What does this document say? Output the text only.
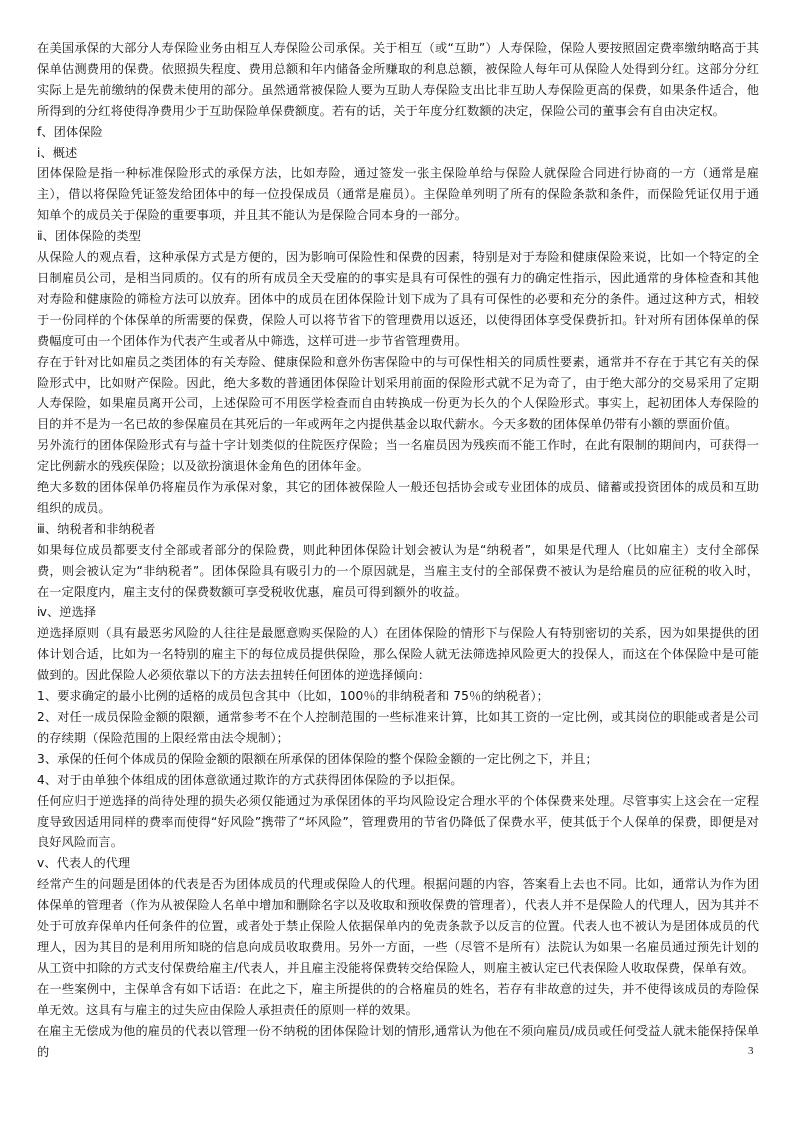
在美国承保的大部分人寿保险业务由相互人寿保险公司承保。关于相互（或“互助”）人寿保险，保险人要按照固定费率缴纳略高于其保单估测费用的保费。依照损失程度、费用总额和年内储备金所赚取的利息总额，被保险人每年可从保险人处得到分红。这部分分红实际上是先前缴纳的保费未使用的部分。虽然通常被保险人要为互助人寿保险支出比非互助人寿保险更高的保费，如果条件适合，他所得到的分红将使得净费用少于互助保险单保费额度。若有的话，关于年度分红数额的决定，保险公司的董事会有自由决定权。

f、团体保险

ⅰ、概述

团体保险是指一种标准保险形式的承保方法，比如寿险，通过签发一张主保险单给与保险人就保险合同进行协商的一方（通常是雇主），借以将保险凭证签发给团体中的每一位投保成员（通常是雇员）。主保险单列明了所有的保险条款和条件，而保险凭证仅用于通知单个的成员关于保险的重要事项，并且其不能认为是保险合同本身的一部分。

ⅱ、团体保险的类型

从保险人的观点看，这种承保方式是方便的，因为影响可保险性和保费的因素，特别是对于寿险和健康保险来说，比如一个特定的全日制雇员公司，是相当同质的。仅有的所有成员全天受雇的的事实是具有可保性的强有力的确定性指示，因此通常的身体检查和其他对寿险和健康险的筛检方法可以放弃。团体中的成员在团体保险计划下成为了具有可保性的必要和充分的条件。通过这种方式，相较于一份同样的个体保单的所需要的保费，保险人可以将节省下的管理费用以返还，以使得团体享受保费折扣。针对所有团体保单的保费幅度可由一个团体作为代表产生或者从中筛选，这样可进一步节省管理费用。

存在于针对比如雇员之类团体的有关寿险、健康保险和意外伤害保险中的与可保性相关的同质性要素，通常并不存在于其它有关的保险形式中，比如财产保险。因此，绝大多数的普通团体保险计划采用前面的保险形式就不足为奇了，由于绝大部分的交易采用了定期人寿保险，如果雇员离开公司，上述保险可不用医学检查而自由转换成一份更为长久的个人保险形式。事实上，起初团体人寿保险的目的并不是为一名已故的参保雇员在其死后的一年或两年之内提供基金以取代薪水。今天多数的团体保单仍带有小额的票面价值。

另外流行的团体保险形式有与益十字计划类似的住院医疗保险；当一名雇员因为残疾而不能工作时，在此有限制的期间内，可获得一定比例薪水的残疾保险；以及欲扮演退休金角色的团体年金。

绝大多数的团体保单仍将雇员作为承保对象，其它的团体被保险人一般还包括协会或专业团体的成员、储蓄或投资团体的成员和互助组织的成员。

ⅲ、纳税者和非纳税者

如果每位成员都要支付全部或者部分的保险费，则此种团体保险计划会被认为是“纳税者”，如果是代理人（比如雇主）支付全部保费，则会被认定为“非纳税者”。团体保险具有吸引力的一个原因就是，当雇主支付的全部保费不被认为是给雇员的应征税的收入时，在一定限度内，雇主支付的保费数额可享受税收优惠，雇员可得到额外的收益。

ⅳ、逆选择

逆选择原则（具有最恶劣风险的人往往是最愿意购买保险的人）在团体保险的情形下与保险人有特别密切的关系，因为如果提供的团体计划合适，比如为一名特别的雇主下的每位成员提供保险，那么保险人就无法筛选掉风险更大的投保人，而这在个体保险中是可能做到的。因此保险人必须依靠以下的方法去扭转任何团体的逆选择倾向：

1、要求确定的最小比例的适格的成员包含其中（比如，100％的非纳税者和 75％的纳税者）；

2、对任一成员保险金额的限额，通常参考不在个人控制范围的一些标准来计算，比如其工资的一定比例，或其岗位的职能或者是公司的存续期（保险范围的上限经常由法令规制）；

3、承保的任何个体成员的保险金额的限额在所承保的团体保险的整个保险金额的一定比例之下，并且；

4、对于由单独个体组成的团体意欲通过欺诈的方式获得团体保险的予以拒保。

任何应归于逆选择的尚待处理的损失必须仅能通过为承保团体的平均风险设定合理水平的个体保费来处理。尽管事实上这会在一定程度导致因适用同样的费率而使得“好风险”携带了“坏风险”，管理费用的节省仍降低了保费水平，使其低于个人保单的保费，即便是对良好风险而言。

ⅴ、代表人的代理

经常产生的问题是团体的代表是否为团体成员的代理或保险人的代理。根据问题的内容，答案看上去也不同。比如，通常认为作为团体保单的管理者（作为从被保险人名单中增加和删除名字以及收取和预收保费的管理者），代表人并不是保险人的代理人，因为其并不处于可放弃保单内任何条件的位置，或者处于禁止保险人依据保单内的免责条款予以反言的位置。代表人也不被认为是团体成员的代理人，因为其目的是利用所知晓的信息向成员收取费用。另外一方面，一些（尽管不是所有）法院认为如果一名雇员通过预先计划的从工资中扣除的方式支付保费给雇主/代表人，并且雇主没能将保费转交给保险人，则雇主被认定已代表保险人收取保费，保单有效。

在一些案例中，主保单含有如下话语：在此之下，雇主所提供的的合格雇员的姓名，若存有非故意的过失，并不使得该成员的寿险保单无效。这具有与雇主的过失应由保险人承担责任的原则一样的效果。

在雇主无偿成为他的雇员的代表以管理一份不纳税的团体保险计划的情形,通常认为他在不须向雇员/成员或任何受益人就未能保持保单的	3
